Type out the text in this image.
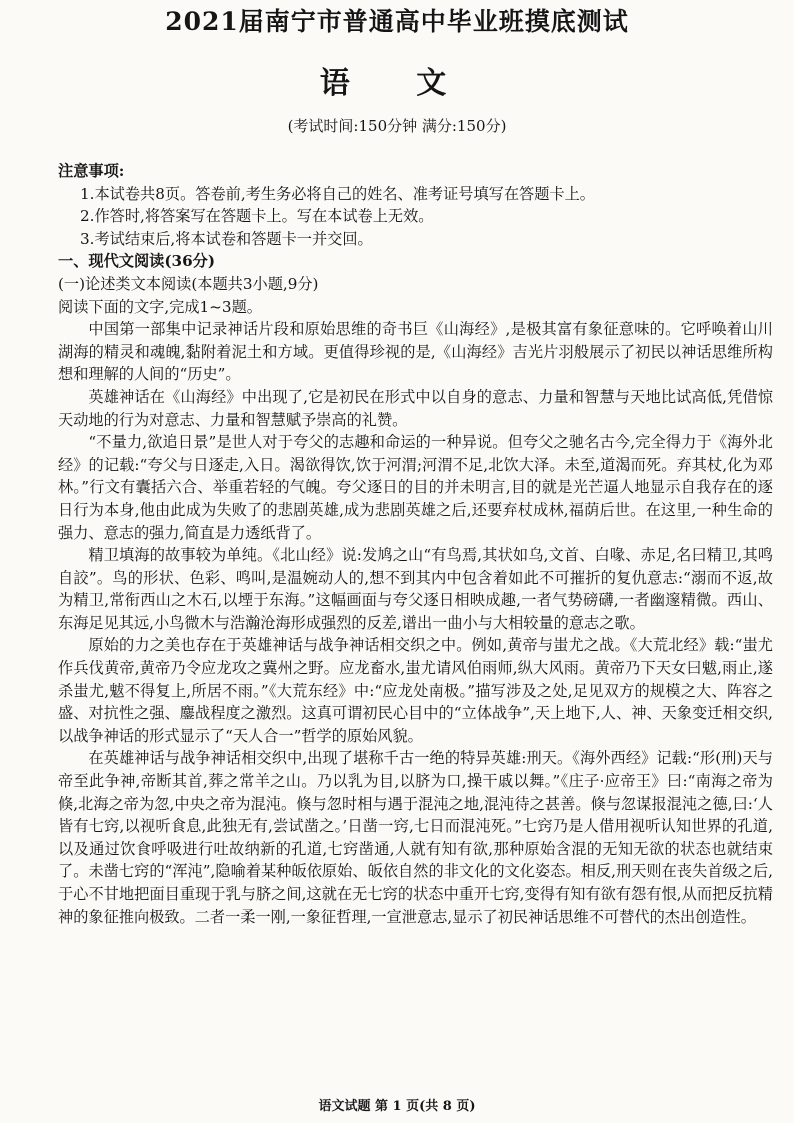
2021届南宁市普通高中毕业班摸底测试
语 文
(考试时间:150分钟 满分:150分)
注意事项:
1.本试卷共8页。答卷前,考生务必将自己的姓名、准考证号填写在答题卡上。
2.作答时,将答案写在答题卡上。写在本试卷上无效。
3.考试结束后,将本试卷和答题卡一并交回。
一、现代文阅读(36分)
(一)论述类文本阅读(本题共3小题,9分)
阅读下面的文字,完成1~3题。
中国第一部集中记录神话片段和原始思维的奇书巨《山海经》,是极其富有象征意味的。它呼唤着山川湖海的精灵和魂魄,黏附着泥土和方域。更值得珍视的是,《山海经》吉光片羽般展示了初民以神话思维所构想和理解的人间的“历史”。
英雄神话在《山海经》中出现了,它是初民在形式中以自身的意志、力量和智慧与天地比试高低,凭借惊天动地的行为对意志、力量和智慧赋予崇高的礼赞。
“不量力,欲追日景”是世人对于夸父的志趣和命运的一种异说。但夸父之驰名古今,完全得力于《海外北经》的记载:“夸父与日逐走,入日。渴欲得饮,饮于河渭;河渭不足,北饮大泽。未至,道渴而死。弃其杖,化为邓林。”行文有囊括六合、举重若轻的气魄。夸父逐日的目的并未明言,目的就是光芒逼人地显示自我存在的逐日行为本身,他由此成为失败了的悲剧英雄,成为悲剧英雄之后,还要弃杖成林,福荫后世。在这里,一种生命的强力、意志的强力,简直是力透纸背了。
精卫填海的故事较为单纯。《北山经》说:发鸠之山“有鸟焉,其状如乌,文首、白喙、赤足,名曰精卫,其鸣自詨”。鸟的形状、色彩、鸣叫,是温婉动人的,想不到其内中包含着如此不可摧折的复仇意志:“溺而不返,故为精卫,常衔西山之木石,以堙于东海。”这幅画面与夸父逐日相映成趣,一者气势磅礴,一者幽邃精微。西山、东海足见其远,小鸟微木与浩瀚沧海形成强烈的反差,谱出一曲小与大相较量的意志之歌。
原始的力之美也存在于英雄神话与战争神话相交织之中。例如,黄帝与蚩尤之战。《大荒北经》载:“蚩尤作兵伐黄帝,黄帝乃令应龙攻之冀州之野。应龙畜水,蚩尤请风伯雨师,纵大风雨。黄帝乃下天女曰魃,雨止,遂杀蚩尤,魃不得复上,所居不雨。”《大荒东经》中:“应龙处南极。”描写涉及之处,足见双方的规模之大、阵容之盛、对抗性之强、鏖战程度之激烈。这真可谓初民心目中的“立体战争”,天上地下,人、神、天象变迁相交织,以战争神话的形式显示了“天人合一”哲学的原始风貌。
在英雄神话与战争神话相交织中,出现了堪称千古一绝的特异英雄:刑天。《海外西经》记载:“形(刑)天与帝至此争神,帝断其首,葬之常羊之山。乃以乳为目,以脐为口,操干戚以舞。”《庄子·应帝王》曰:“南海之帝为倏,北海之帝为忽,中央之帝为混沌。倏与忽时相与遇于混沌之地,混沌待之甚善。倏与忽谋报混沌之德,曰:‘人皆有七窍,以视听食息,此独无有,尝试凿之。’日凿一窍,七日而混沌死。”七窍乃是人借用视听认知世界的孔道,以及通过饮食呼吸进行吐故纳新的孔道,七窍凿通,人就有知有欲,那种原始含混的无知无欲的状态也就结束了。未凿七窍的“浑沌”,隐喻着某种皈依原始、皈依自然的非文化的文化姿态。相反,刑天则在丧失首级之后,于心不甘地把面目重现于乳与脐之间,这就在无七窍的状态中重开七窍,变得有知有欲有怨有恨,从而把反抗精神的象征推向极致。二者一柔一刚,一象征哲理,一宣泄意志,显示了初民神话思维不可替代的杰出创造性。
语文试题 第 1 页(共 8 页)
